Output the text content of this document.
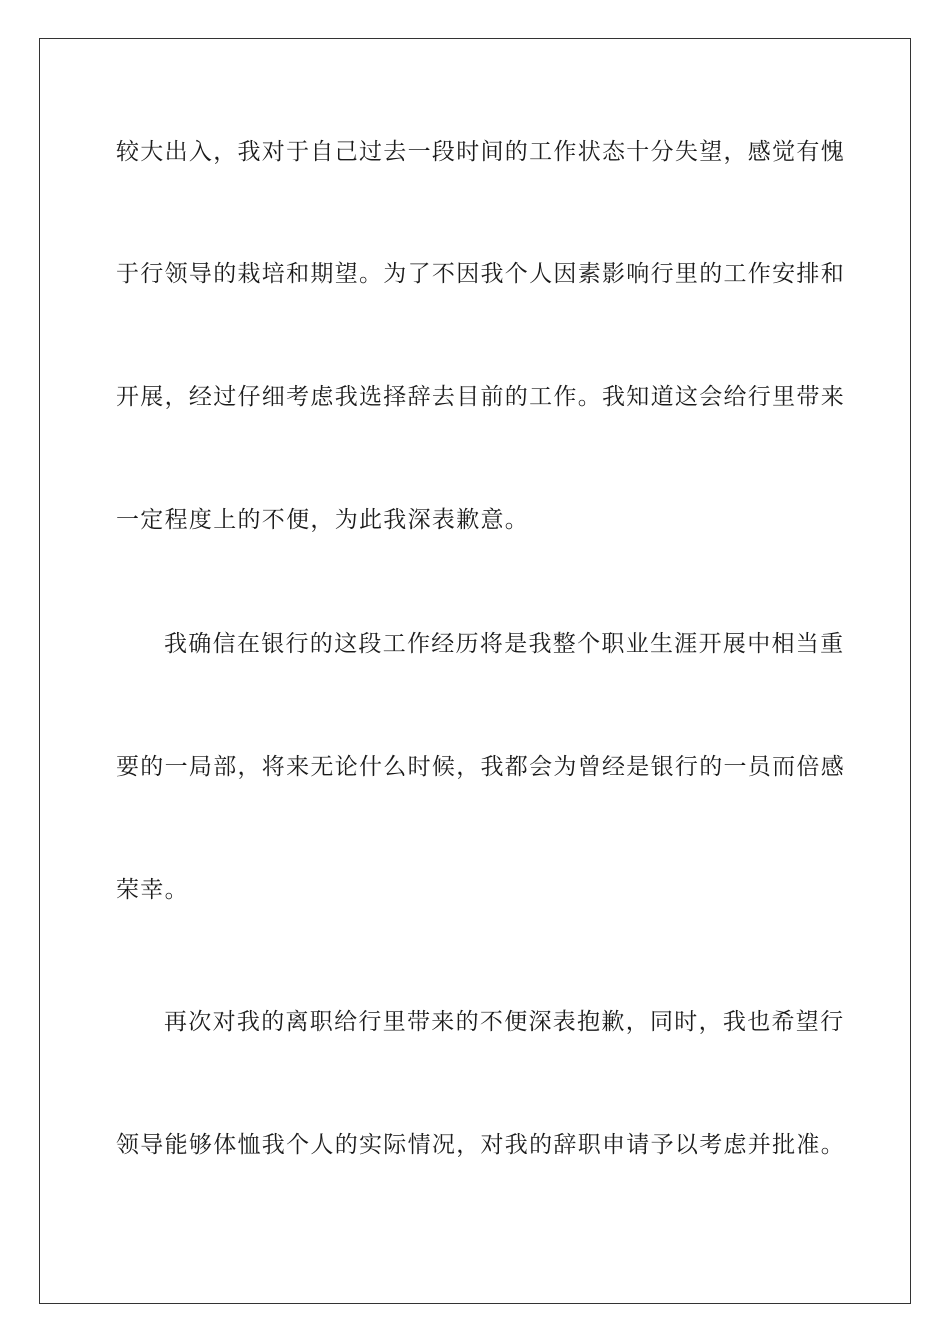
较大出入，我对于自己过去一段时间的工作状态十分失望，感觉有愧
于行领导的栽培和期望。为了不因我个人因素影响行里的工作安排和
开展，经过仔细考虑我选择辞去目前的工作。我知道这会给行里带来
一定程度上的不便，为此我深表歉意。
我确信在银行的这段工作经历将是我整个职业生涯开展中相当重
要的一局部，将来无论什么时候，我都会为曾经是银行的一员而倍感
荣幸。
再次对我的离职给行里带来的不便深表抱歉，同时，我也希望行
领导能够体恤我个人的实际情况，对我的辞职申请予以考虑并批准。
